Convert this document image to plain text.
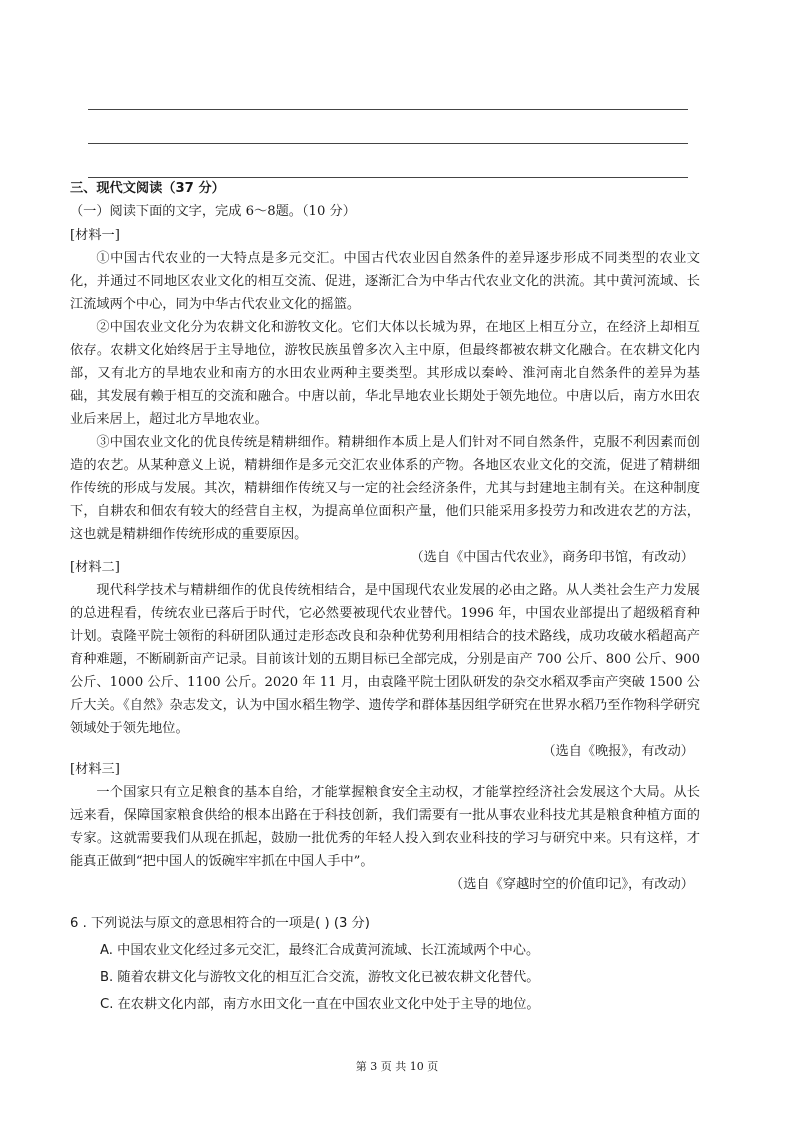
三、现代文阅读（37 分）
（一）阅读下面的文字，完成 6～8题。（10 分）
[材料一]

①中国古代农业的一大特点是多元交汇。中国古代农业因自然条件的差异逐步形成不同类型的农业文化，并通过不同地区农业文化的相互交流、促进，逐渐汇合为中华古代农业文化的洪流。其中黄河流域、长江流域两个中心，同为中华古代农业文化的摇篮。

②中国农业文化分为农耕文化和游牧文化。它们大体以长城为界，在地区上相互分立，在经济上却相互依存。农耕文化始终居于主导地位，游牧民族虽曾多次入主中原，但最终都被农耕文化融合。在农耕文化内部，又有北方的旱地农业和南方的水田农业两种主要类型。其形成以秦岭、淮河南北自然条件的差异为基础，其发展有赖于相互的交流和融合。中唐以前，华北旱地农业长期处于领先地位。中唐以后，南方水田农业后来居上，超过北方旱地农业。

③中国农业文化的优良传统是精耕细作。精耕细作本质上是人们针对不同自然条件，克服不利因素而创造的农艺。从某种意义上说，精耕细作是多元交汇农业体系的产物。各地区农业文化的交流，促进了精耕细作传统的形成与发展。其次，精耕细作传统又与一定的社会经济条件，尤其与封建地主制有关。在这种制度下，自耕农和佃农有较大的经营自主权，为提高单位面积产量，他们只能采用多投劳力和改进农艺的方法，这也就是精耕细作传统形成的重要原因。

（选自《中国古代农业》，商务印书馆，有改动）

[材料二]

现代科学技术与精耕细作的优良传统相结合，是中国现代农业发展的必由之路。从人类社会生产力发展的总进程看，传统农业已落后于时代，它必然要被现代农业替代。1996 年，中国农业部提出了超级稻育种计划。袁隆平院士领衔的科研团队通过走形态改良和杂种优势利用相结合的技术路线，成功攻破水稻超高产育种难题，不断刷新亩产记录。目前该计划的五期目标已全部完成，分别是亩产 700 公斤、800 公斤、900 公斤、1000 公斤、1100 公斤。2020 年 11 月，由袁隆平院士团队研发的杂交水稻双季亩产突破 1500 公斤大关。《自然》杂志发文，认为中国水稻生物学、遗传学和群体基因组学研究在世界水稻乃至作物科学研究领域处于领先地位。

（选自《晚报》，有改动）

[材料三]

一个国家只有立足粮食的基本自给，才能掌握粮食安全主动权，才能掌控经济社会发展这个大局。从长远来看，保障国家粮食供给的根本出路在于科技创新，我们需要有一批从事农业科技尤其是粮食种植方面的专家。这就需要我们从现在抓起，鼓励一批优秀的年轻人投入到农业科技的学习与研究中来。只有这样，才能真正做到“把中国人的饭碗牢牢抓在中国人手中”。

（选自《穿越时空的价值印记》，有改动）

6 . 下列说法与原文的意思相符合的一项是( ) (3 分)
A. 中国农业文化经过多元交汇，最终汇合成黄河流域、长江流域两个中心。
B. 随着农耕文化与游牧文化的相互汇合交流，游牧文化已被农耕文化替代。
C. 在农耕文化内部，南方水田文化一直在中国农业文化中处于主导的地位。
第 3 页 共 10 页
